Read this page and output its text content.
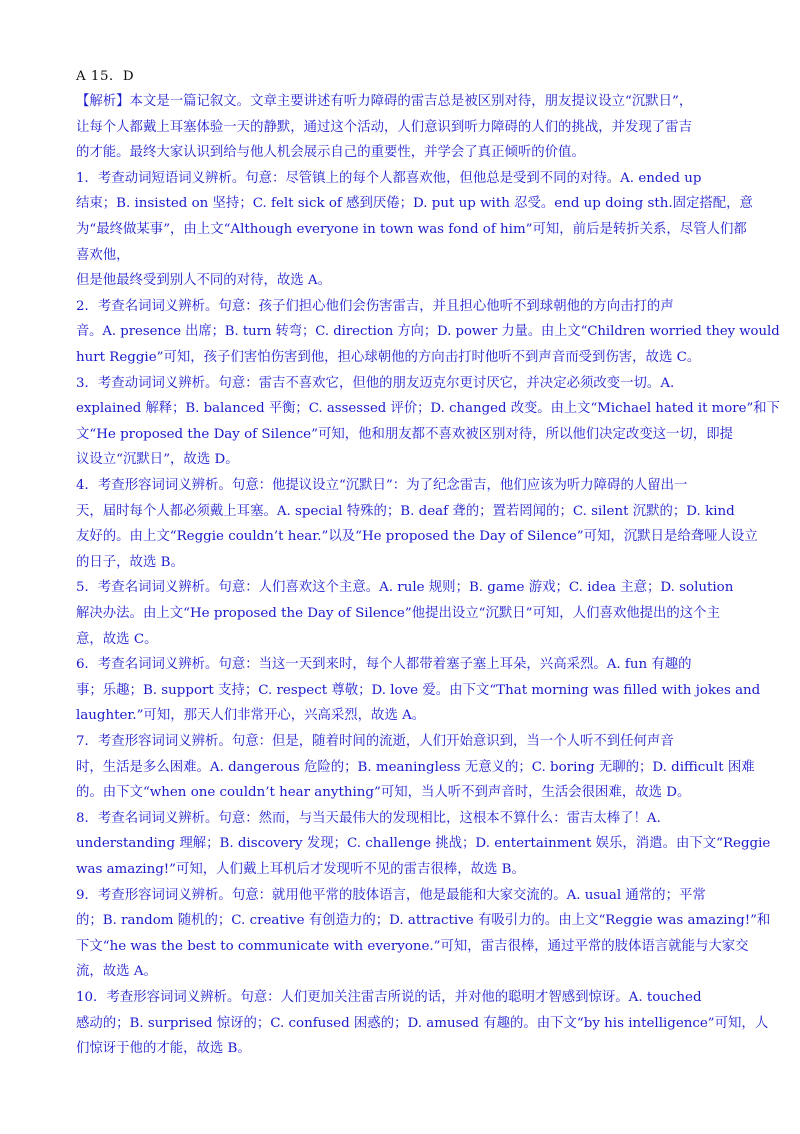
A 15．D
【解析】本文是一篇记叙文。文章主要讲述有听力障碍的雷吉总是被区别对待，朋友提议设立“沉默日”，
让每个人都戴上耳塞体验一天的静默，通过这个活动，人们意识到听力障碍的人们的挑战，并发现了雷吉
的才能。最终大家认识到给与他人机会展示自己的重要性，并学会了真正倾听的价值。
1．考查动词短语词义辨析。句意：尽管镇上的每个人都喜欢他，但他总是受到不同的对待。A. ended up
结束；B. insisted on 坚持；C. felt sick of 感到厌倦；D. put up with 忍受。end up doing sth.固定搭配，意
为“最终做某事”，由上文“Although everyone in town was fond of him”可知，前后是转折关系，尽管人们都
喜欢他，
但是他最终受到别人不同的对待，故选 A。
2．考查名词词义辨析。句意：孩子们担心他们会伤害雷吉，并且担心他听不到球朝他的方向击打的声
音。A. presence 出席；B. turn 转弯；C. direction 方向；D. power 力量。由上文“Children worried they would
hurt Reggie”可知，孩子们害怕伤害到他，担心球朝他的方向击打时他听不到声音而受到伤害，故选 C。
3．考查动词词义辨析。句意：雷吉不喜欢它，但他的朋友迈克尔更讨厌它，并决定必须改变一切。A.
explained 解释；B. balanced 平衡；C. assessed 评价；D. changed 改变。由上文“Michael hated it more”和下
文“He proposed the Day of Silence”可知，他和朋友都不喜欢被区别对待，所以他们决定改变这一切，即提
议设立“沉默日”，故选 D。
4．考查形容词词义辨析。句意：他提议设立“沉默日”：为了纪念雷吉，他们应该为听力障碍的人留出一
天，届时每个人都必须戴上耳塞。A. special 特殊的；B. deaf 聋的；置若罔闻的；C. silent 沉默的；D. kind
友好的。由上文“Reggie couldn’t hear.”以及“He proposed the Day of Silence”可知，沉默日是给聋哑人设立
的日子，故选 B。
5．考查名词词义辨析。句意：人们喜欢这个主意。A. rule 规则；B. game 游戏；C. idea 主意；D. solution
解决办法。由上文“He proposed the Day of Silence”他提出设立“沉默日”可知，人们喜欢他提出的这个主
意，故选 C。
6．考查名词词义辨析。句意：当这一天到来时，每个人都带着塞子塞上耳朵，兴高采烈。A. fun 有趣的
事；乐趣；B. support 支持；C. respect 尊敬；D. love 爱。由下文“That morning was filled with jokes and
laughter.”可知，那天人们非常开心，兴高采烈，故选 A。
7．考查形容词词义辨析。句意：但是，随着时间的流逝，人们开始意识到，当一个人听不到任何声音
时，生活是多么困难。A. dangerous 危险的；B. meaningless 无意义的；C. boring 无聊的；D. difficult 困难
的。由下文“when one couldn’t hear anything”可知，当人听不到声音时，生活会很困难，故选 D。
8．考查名词词义辨析。句意：然而，与当天最伟大的发现相比，这根本不算什么：雷吉太棒了！A.
understanding 理解；B. discovery 发现；C. challenge 挑战；D. entertainment 娱乐，消遣。由下文“Reggie
was amazing!”可知，人们戴上耳机后才发现听不见的雷吉很棒，故选 B。
9．考查形容词词义辨析。句意：就用他平常的肢体语言，他是最能和大家交流的。A. usual 通常的；平常
的；B. random 随机的；C. creative 有创造力的；D. attractive 有吸引力的。由上文“Reggie was amazing!”和
下文“he was the best to communicate with everyone.”可知，雷吉很棒，通过平常的肢体语言就能与大家交
流，故选 A。
10．考查形容词词义辨析。句意：人们更加关注雷吉所说的话，并对他的聪明才智感到惊讶。A. touched
感动的；B. surprised 惊讶的；C. confused 困惑的；D. amused 有趣的。由下文“by his intelligence”可知，人
们惊讶于他的才能，故选 B。
